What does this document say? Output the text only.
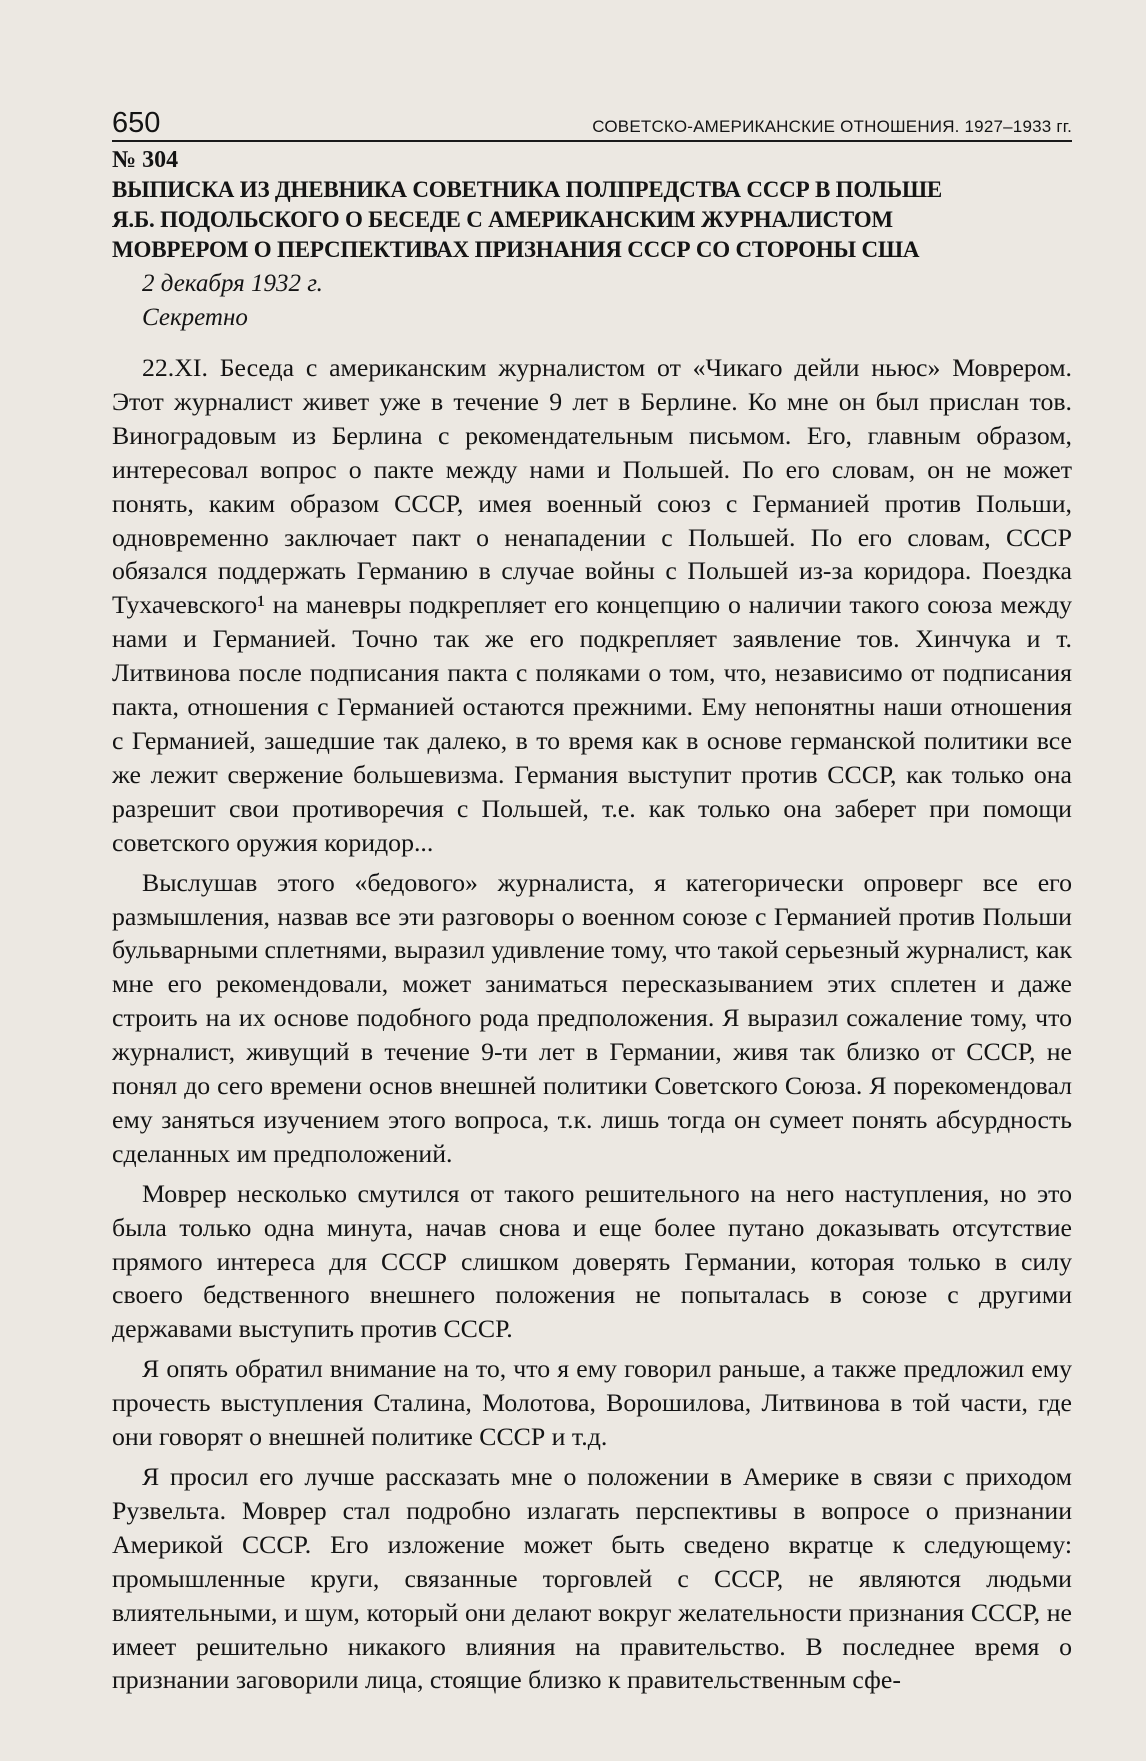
650	СОВЕТСКО-АМЕРИКАНСКИЕ ОТНОШЕНИЯ. 1927–1933 гг.
№ 304
ВЫПИСКА ИЗ ДНЕВНИКА СОВЕТНИКА ПОЛПРЕДСТВА СССР В ПОЛЬШЕ
Я.Б. ПОДОЛЬСКОГО О БЕСЕДЕ С АМЕРИКАНСКИМ ЖУРНАЛИСТОМ
МОВРЕРОМ О ПЕРСПЕКТИВАХ ПРИЗНАНИЯ СССР СО СТОРОНЫ США
2 декабря 1932 г.
Секретно

22.XI. Беседа с американским журналистом от «Чикаго дейли ньюс» Моврером. Этот журналист живет уже в течение 9 лет в Берлине. Ко мне он был прислан тов. Виноградовым из Берлина с рекомендательным письмом. Его, главным образом, интересовал вопрос о пакте между нами и Польшей. По его словам, он не может понять, каким образом СССР, имея военный союз с Германией против Польши, одновременно заключает пакт о ненападении с Польшей. По его словам, СССР обязался поддержать Германию в случае войны с Польшей из-за коридора. Поездка Тухачевского¹ на маневры подкрепляет его концепцию о наличии такого союза между нами и Германией. Точно так же его подкрепляет заявление тов. Хинчука и т. Литвинова после подписания пакта с поляками о том, что, независимо от подписания пакта, отношения с Германией остаются прежними. Ему непонятны наши отношения с Германией, зашедшие так далеко, в то время как в основе германской политики все же лежит свержение большевизма. Германия выступит против СССР, как только она разрешит свои противоречия с Польшей, т.е. как только она заберет при помощи советского оружия коридор...

Выслушав этого «бедового» журналиста, я категорически опроверг все его размышления, назвав все эти разговоры о военном союзе с Германией против Польши бульварными сплетнями, выразил удивление тому, что такой серьезный журналист, как мне его рекомендовали, может заниматься пересказыванием этих сплетен и даже строить на их основе подобного рода предположения. Я выразил сожаление тому, что журналист, живущий в течение 9-ти лет в Германии, живя так близко от СССР, не понял до сего времени основ внешней политики Советского Союза. Я порекомендовал ему заняться изучением этого вопроса, т.к. лишь тогда он сумеет понять абсурдность сделанных им предположений.

Моврер несколько смутился от такого решительного на него наступления, но это была только одна минута, начав снова и еще более путано доказывать отсутствие прямого интереса для СССР слишком доверять Германии, которая только в силу своего бедственного внешнего положения не попыталась в союзе с другими державами выступить против СССР.

Я опять обратил внимание на то, что я ему говорил раньше, а также предложил ему прочесть выступления Сталина, Молотова, Ворошилова, Литвинова в той части, где они говорят о внешней политике СССР и т.д.

Я просил его лучше рассказать мне о положении в Америке в связи с приходом Рузвельта. Моврер стал подробно излагать перспективы в вопросе о признании Америкой СССР. Его изложение может быть сведено вкратце к следующему: промышленные круги, связанные торговлей с СССР, не являются людьми влиятельными, и шум, который они делают вокруг желательности признания СССР, не имеет решительно никакого влияния на правительство. В последнее время о признании заговорили лица, стоящие близко к правительственным сфе-
